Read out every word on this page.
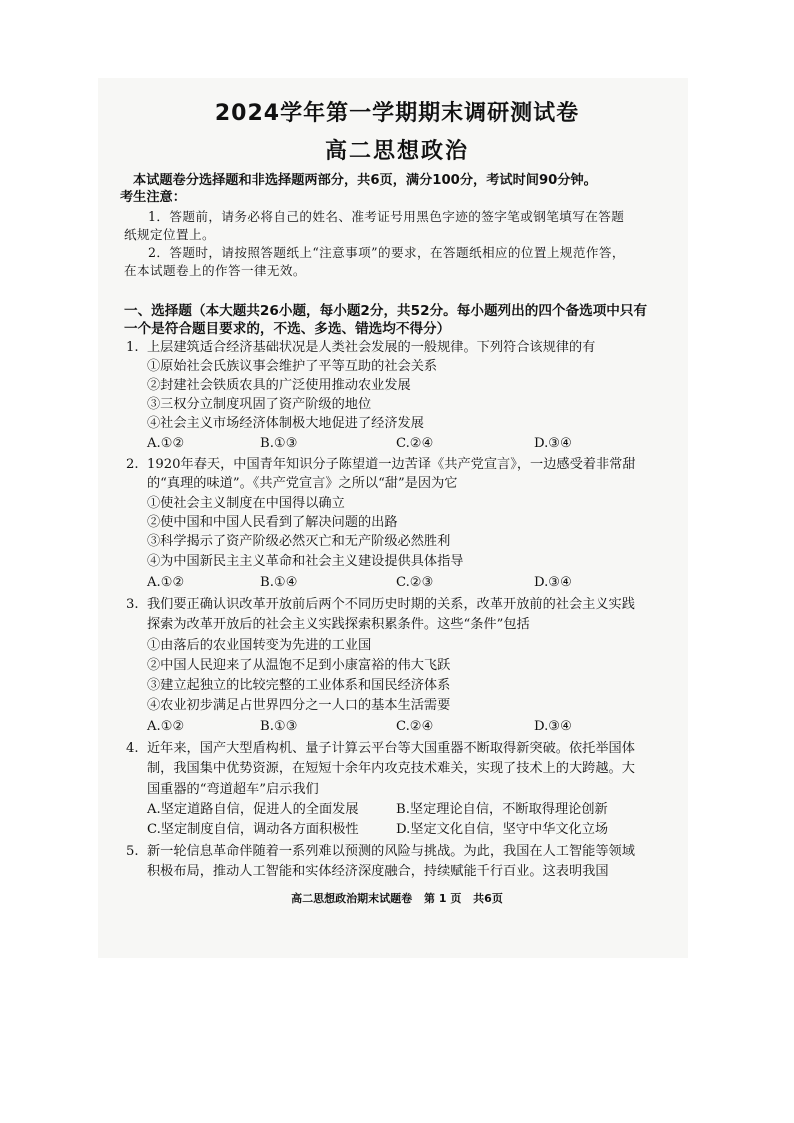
2024学年第一学期期末调研测试卷
高二思想政治
本试题卷分选择题和非选择题两部分，共6页，满分100分，考试时间90分钟。
考生注意：
1．答题前，请务必将自己的姓名、准考证号用黑色字迹的签字笔或钢笔填写在答题
纸规定位置上。
2．答题时，请按照答题纸上“注意事项”的要求，在答题纸相应的位置上规范作答，
在本试题卷上的作答一律无效。
一、选择题（本大题共26小题，每小题2分，共52分。每小题列出的四个备选项中只有
一个是符合题目要求的，不选、多选、错选均不得分）
1. 上层建筑适合经济基础状况是人类社会发展的一般规律。下列符合该规律的有
①原始社会氏族议事会维护了平等互助的社会关系
②封建社会铁质农具的广泛使用推动农业发展
③三权分立制度巩固了资产阶级的地位
④社会主义市场经济体制极大地促进了经济发展
A.①②	B.①③	C.②④	D.③④
2. 1920年春天，中国青年知识分子陈望道一边苦译《共产党宣言》，一边感受着非常甜
的“真理的味道”。《共产党宣言》之所以“甜”是因为它
①使社会主义制度在中国得以确立
②使中国和中国人民看到了解决问题的出路
③科学揭示了资产阶级必然灭亡和无产阶级必然胜利
④为中国新民主主义革命和社会主义建设提供具体指导
A.①②	B.①④	C.②③	D.③④
3. 我们要正确认识改革开放前后两个不同历史时期的关系，改革开放前的社会主义实践
探索为改革开放后的社会主义实践探索积累条件。这些“条件”包括
①由落后的农业国转变为先进的工业国
②中国人民迎来了从温饱不足到小康富裕的伟大飞跃
③建立起独立的比较完整的工业体系和国民经济体系
④农业初步满足占世界四分之一人口的基本生活需要
A.①②	B.①③	C.②④	D.③④
4. 近年来，国产大型盾构机、量子计算云平台等大国重器不断取得新突破。依托举国体
制，我国集中优势资源，在短短十余年内攻克技术难关，实现了技术上的大跨越。大
国重器的“弯道超车”启示我们
A.坚定道路自信，促进人的全面发展	B.坚定理论自信，不断取得理论创新
C.坚定制度自信，调动各方面积极性	D.坚定文化自信，坚守中华文化立场
5. 新一轮信息革命伴随着一系列难以预测的风险与挑战。为此，我国在人工智能等领域
积极布局，推动人工智能和实体经济深度融合，持续赋能千行百业。这表明我国
高二思想政治期末试题卷 第 1 页 共6页
